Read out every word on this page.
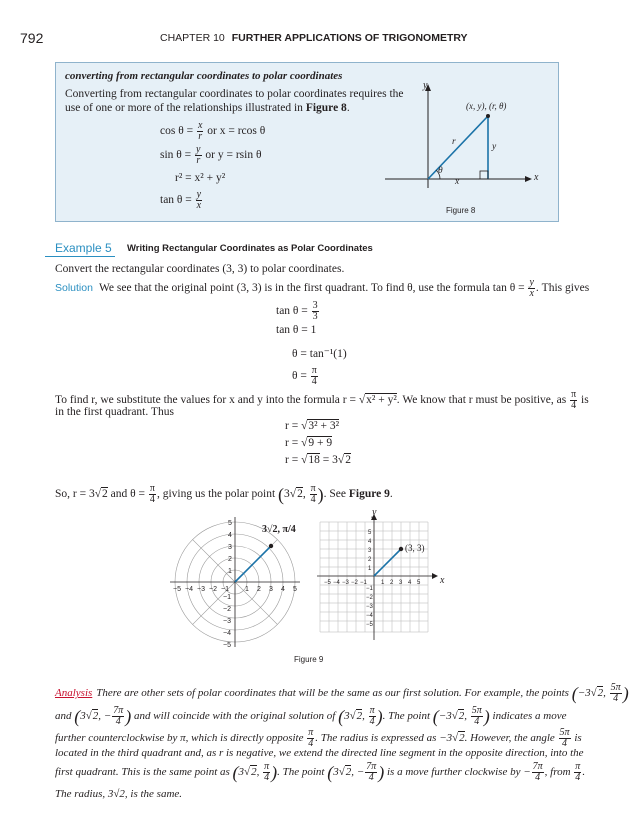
792	CHAPTER 10 FURTHER APPLICATIONS OF TRIGONOMETRY
converting from rectangular coordinates to polar coordinates
Converting from rectangular coordinates to polar coordinates requires the
use of one or more of the relationships illustrated in Figure 8.
$\cos \theta = \frac{x}{r}$ or x = rcos θ
$\sin \theta = \frac{y}{r}$ or y = rsin θ
r² = x² + y²
$\tan \theta = \frac{y}{x}$
y
x
(x, y), (r, θ)
r	y
x
θ
Figure 8
Example 5 Writing Rectangular Coordinates as Polar Coordinates
Convert the rectangular coordinates (3, 3) to polar coordinates.
Solution We see that the original point (3, 3) is in the first quadrant. To find θ, use the formula $\tan \theta = \frac{y}{x}$ . This gives
$\tan \theta = \frac{3}{3}$
tan θ = 1
θ = tan⁻¹(1)
$\theta = \frac{\pi}{4}$
To find r, we substitute the values for x and y into the formula r = √x² + y². We know that r must be positive, as $\frac{\pi}{4}$ is
in the first quadrant. Thus
r = √3² + 3²
r = √9 + 9
r = √18 = 3√2
So, r = 3√2 and $\theta = \frac{\pi}{4}$ , giving us the polar point (3√2, $\frac{\pi}{4}$ ). See Figure 9.
−5 −4 −3 −2 −1 1 2 3 4 5
5
4
3
2
1
−1
−2
−3
−4
−5
3√2, π/4
−5 −4 −3 −2 −1 1 2 3 4 5
5
4
3
2
1
−1
−2
−3
−4
−5
(3, 3)
x
y
Figure 9
Analysis There are other sets of polar coordinates that will be the same as our first solution. For example, the points (−3√2, $\frac{5\pi}{4}$ )
and (3√2, − $\frac{7\pi}{4}$ ) and will coincide with the original solution of (3√2, $\frac{\pi}{4}$ ). The point (−3√2, $\frac{5\pi}{4}$ ) indicates a move
further counterclockwise by π, which is directly opposite $\frac{\pi}{4}$ . The radius is expressed as −3√2. However, the angle $\frac{5\pi}{4}$ is
located in the third quadrant and, as r is negative, we extend the directed line segment in the opposite direction, into the
first quadrant. This is the same point as (3√2, $\frac{\pi}{4}$ ). The point (3√2, − $\frac{7\pi}{4}$ ) is a move further clockwise by − $\frac{7\pi}{4}$ , from $\frac{\pi}{4}$ .
The radius, 3√2, is the same.
